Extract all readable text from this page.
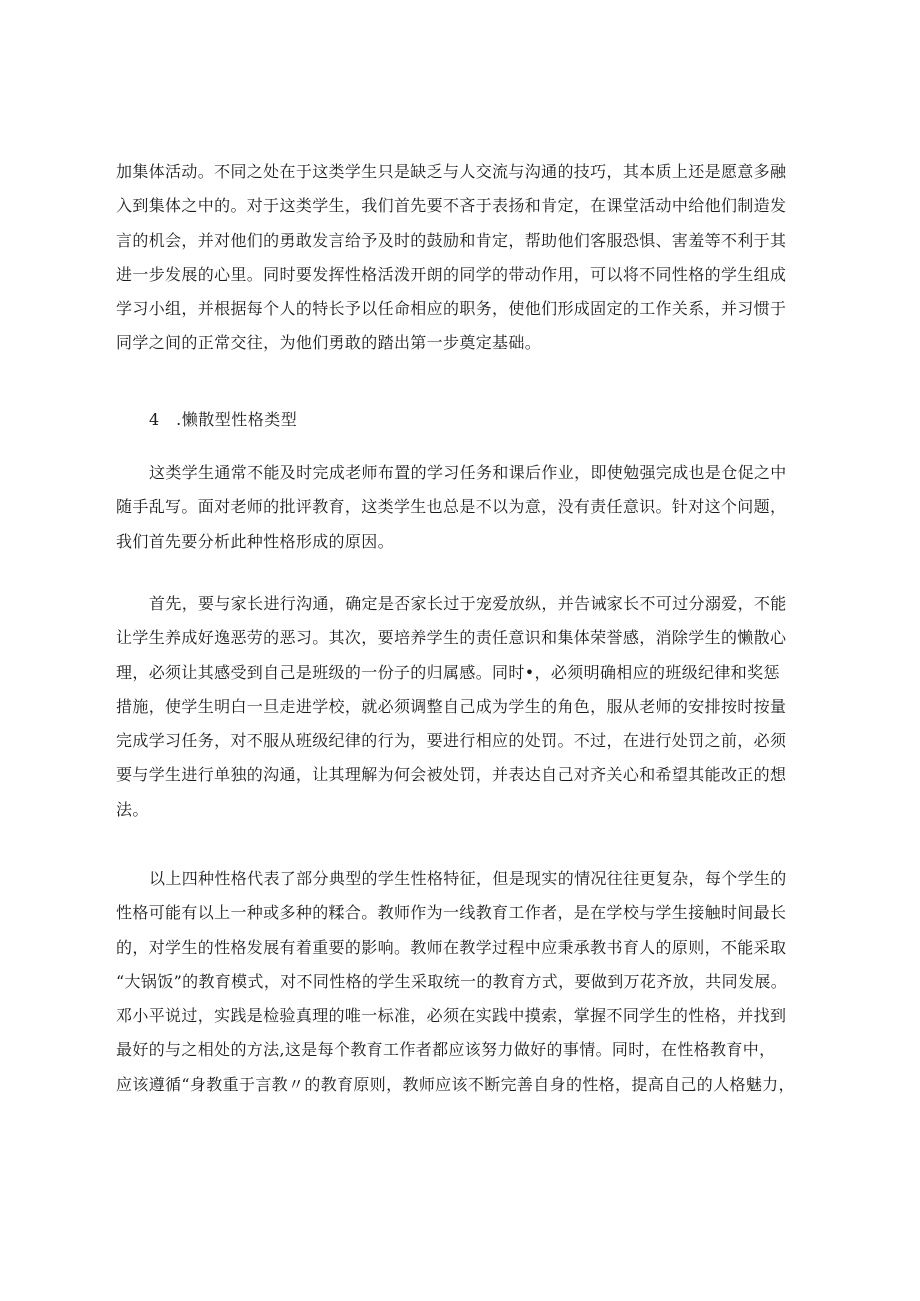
加集体活动。不同之处在于这类学生只是缺乏与人交流与沟通的技巧，其本质上还是愿意多融
入到集体之中的。对于这类学生，我们首先要不吝于表扬和肯定，在课堂活动中给他们制造发
言的机会，并对他们的勇敢发言给予及时的鼓励和肯定，帮助他们客服恐惧、害羞等不利于其
进一步发展的心里。同时要发挥性格活泼开朗的同学的带动作用，可以将不同性格的学生组成
学习小组，并根据每个人的特长予以任命相应的职务，使他们形成固定的工作关系，并习惯于
同学之间的正常交往，为他们勇敢的踏出第一步奠定基础。
4　.懒散型性格类型
这类学生通常不能及时完成老师布置的学习任务和课后作业，即使勉强完成也是仓促之中
随手乱写。面对老师的批评教育，这类学生也总是不以为意，没有责任意识。针对这个问题，
我们首先要分析此种性格形成的原因。
首先，要与家长进行沟通，确定是否家长过于宠爱放纵，并告诫家长不可过分溺爱，不能
让学生养成好逸恶劳的恶习。其次，要培养学生的责任意识和集体荣誉感，消除学生的懒散心
理，必须让其感受到自己是班级的一份子的归属感。同时•，必须明确相应的班级纪律和奖惩
措施，使学生明白一旦走进学校，就必须调整自己成为学生的角色，服从老师的安排按时按量
完成学习任务，对不服从班级纪律的行为，要进行相应的处罚。不过，在进行处罚之前，必须
要与学生进行单独的沟通，让其理解为何会被处罚，并表达自己对齐关心和希望其能改正的想
法。
以上四种性格代表了部分典型的学生性格特征，但是现实的情况往往更复杂，每个学生的
性格可能有以上一种或多种的糅合。教师作为一线教育工作者，是在学校与学生接触时间最长
的，对学生的性格发展有着重要的影响。教师在教学过程中应秉承教书育人的原则，不能采取
“大锅饭”的教育模式，对不同性格的学生采取统一的教育方式，要做到万花齐放，共同发展。
邓小平说过，实践是检验真理的唯一标准，必须在实践中摸索，掌握不同学生的性格，并找到
最好的与之相处的方法,这是每个教育工作者都应该努力做好的事情。同时，在性格教育中，
应该遵循“身教重于言教〃的教育原则，教师应该不断完善自身的性格，提高自己的人格魅力，
